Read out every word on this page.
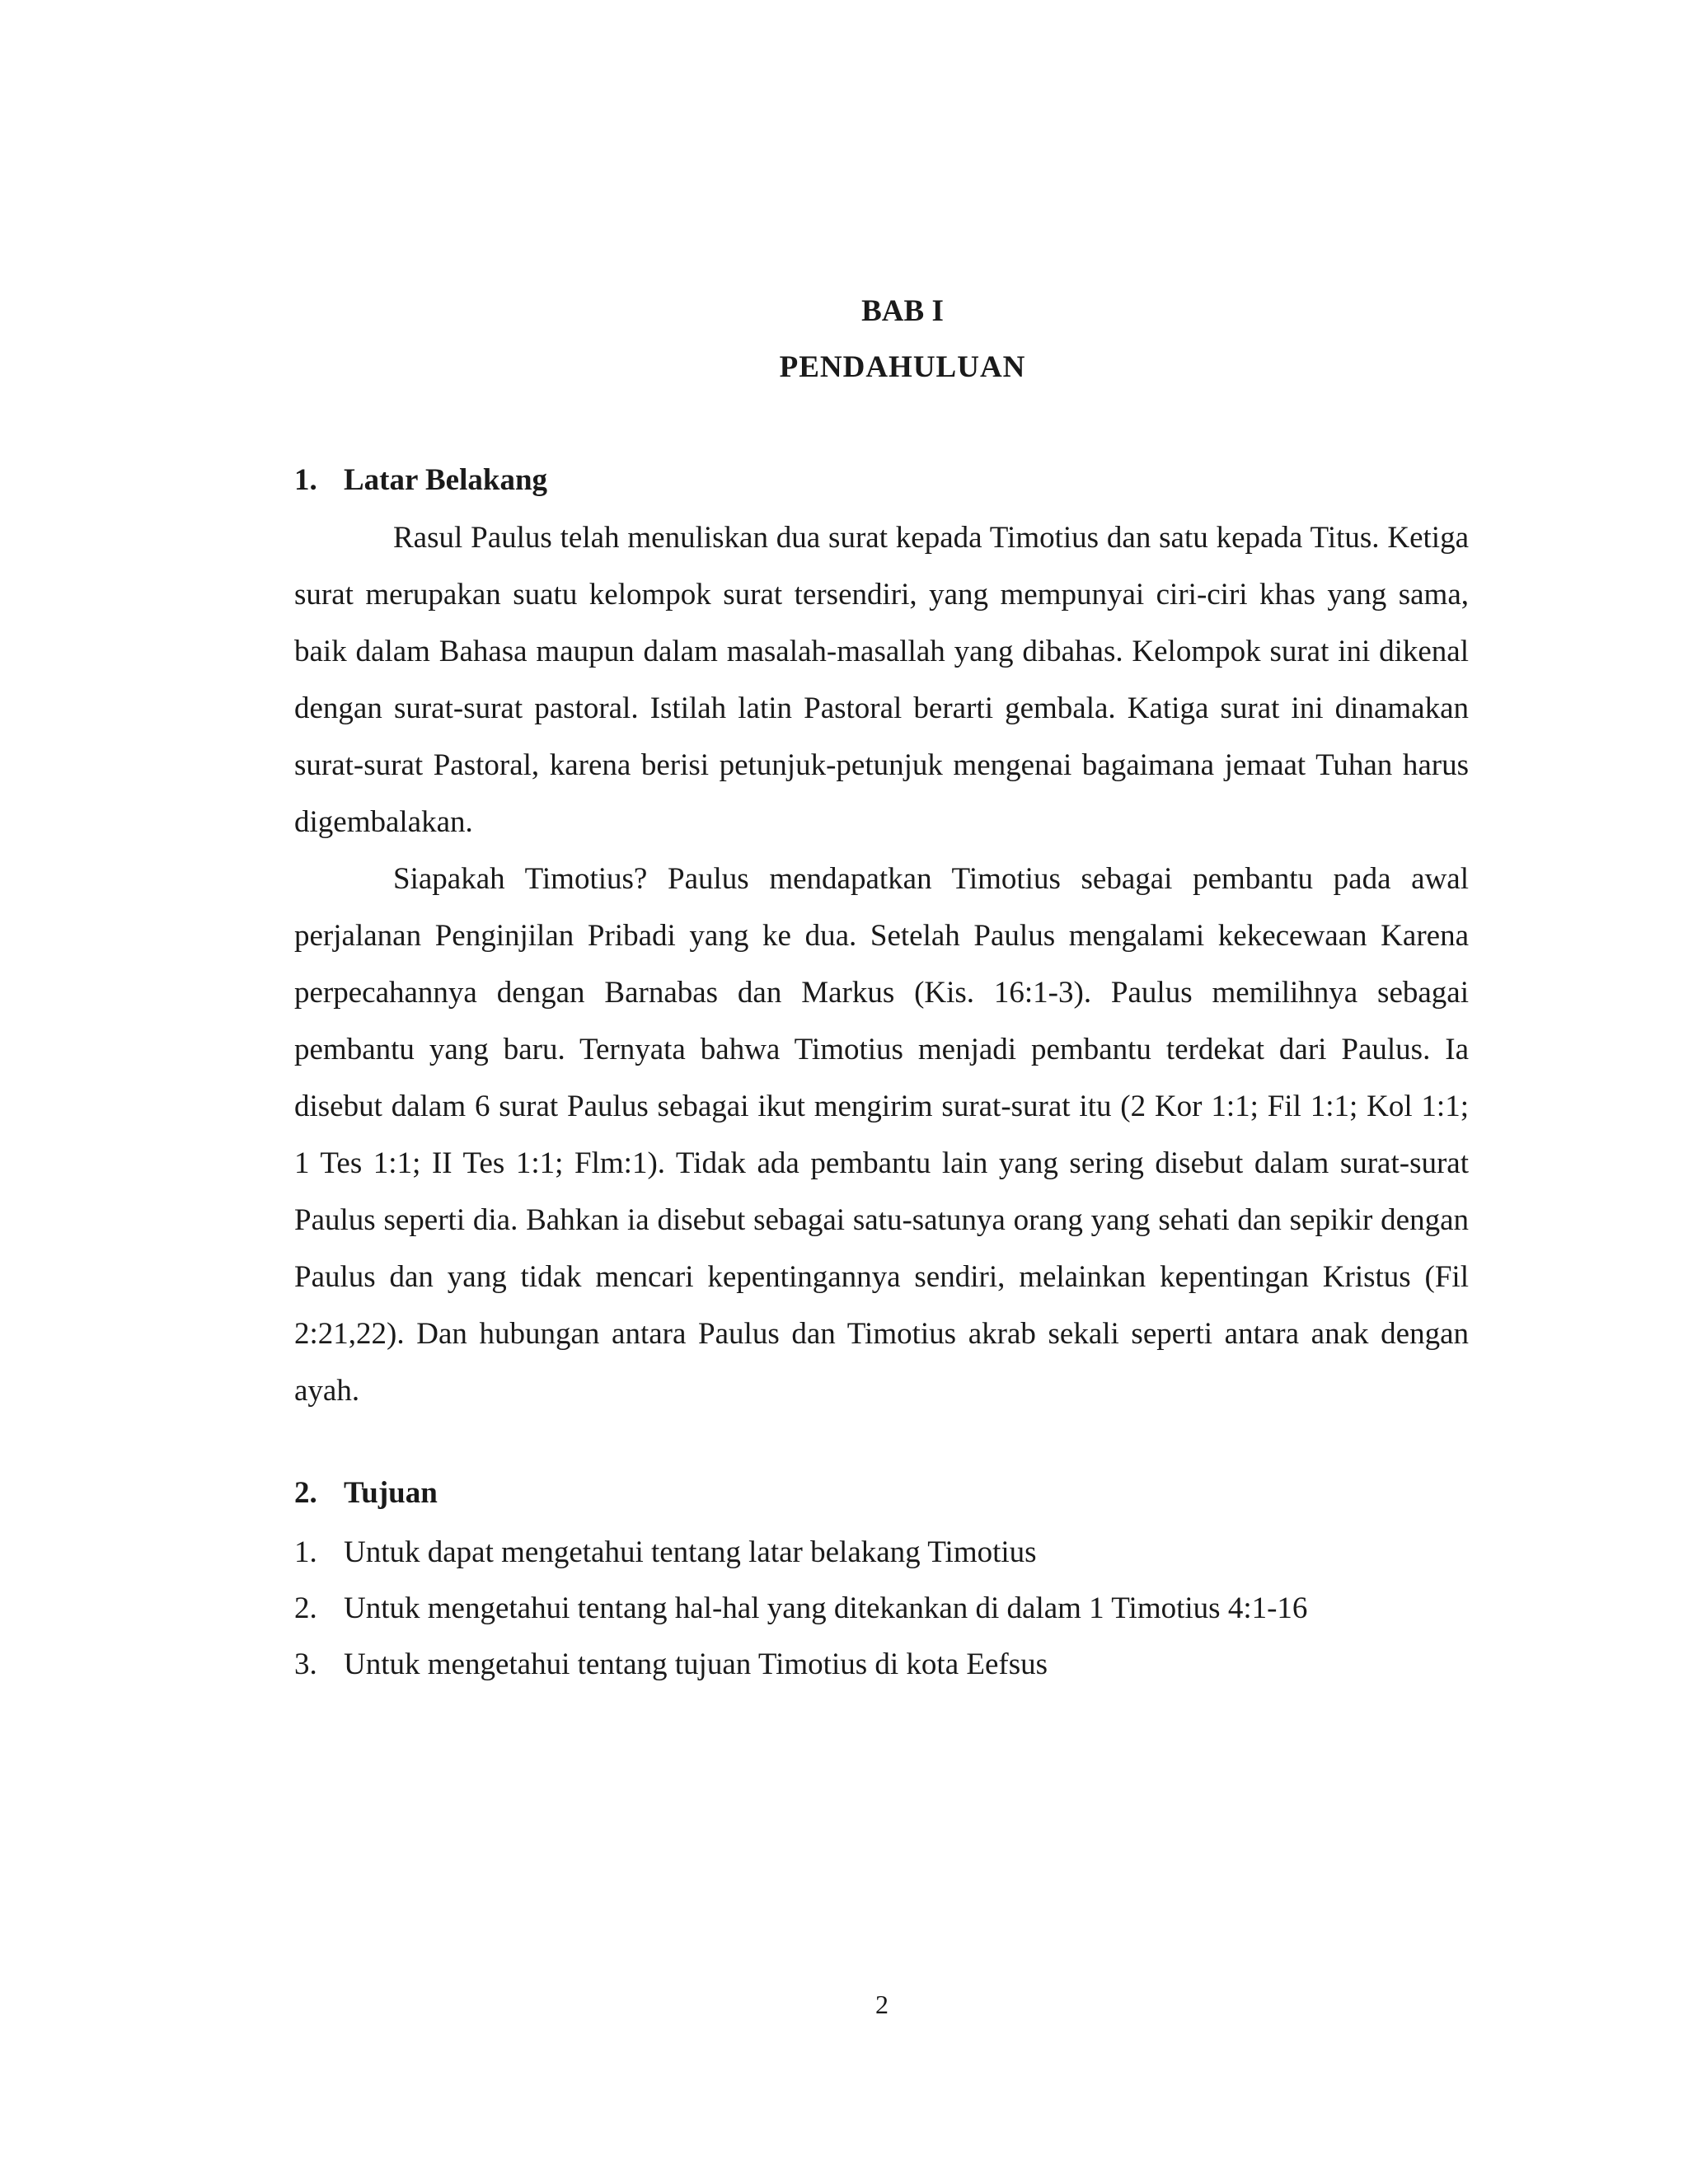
BAB I
PENDAHULUAN
1. Latar Belakang

Rasul Paulus telah menuliskan dua surat kepada Timotius dan satu kepada Titus. Ketiga surat merupakan suatu kelompok surat tersendiri, yang mempunyai ciri-ciri khas yang sama, baik dalam Bahasa maupun dalam masalah-masallah yang dibahas. Kelompok surat ini dikenal dengan surat-surat pastoral. Istilah latin Pastoral berarti gembala. Katiga surat ini dinamakan surat-surat Pastoral, karena berisi petunjuk-petunjuk mengenai bagaimana jemaat Tuhan harus digembalakan.

Siapakah Timotius? Paulus mendapatkan Timotius sebagai pembantu pada awal perjalanan Penginjilan Pribadi yang ke dua. Setelah Paulus mengalami kekecewaan Karena perpecahannya dengan Barnabas dan Markus (Kis. 16:1-3). Paulus memilihnya sebagai pembantu yang baru. Ternyata bahwa Timotius menjadi pembantu terdekat dari Paulus. Ia disebut dalam 6 surat Paulus sebagai ikut mengirim surat-surat itu (2 Kor 1:1; Fil 1:1; Kol 1:1; 1 Tes 1:1; II Tes 1:1; Flm:1). Tidak ada pembantu lain yang sering disebut dalam surat-surat Paulus seperti dia. Bahkan ia disebut sebagai satu-satunya orang yang sehati dan sepikir dengan Paulus dan yang tidak mencari kepentingannya sendiri, melainkan kepentingan Kristus (Fil 2:21,22). Dan hubungan antara Paulus dan Timotius akrab sekali seperti antara anak dengan ayah.

2. Tujuan
1. Untuk dapat mengetahui tentang latar belakang Timotius
2. Untuk mengetahui tentang hal-hal yang ditekankan di dalam 1 Timotius 4:1-16
3. Untuk mengetahui tentang tujuan Timotius di kota Eefsus
2
